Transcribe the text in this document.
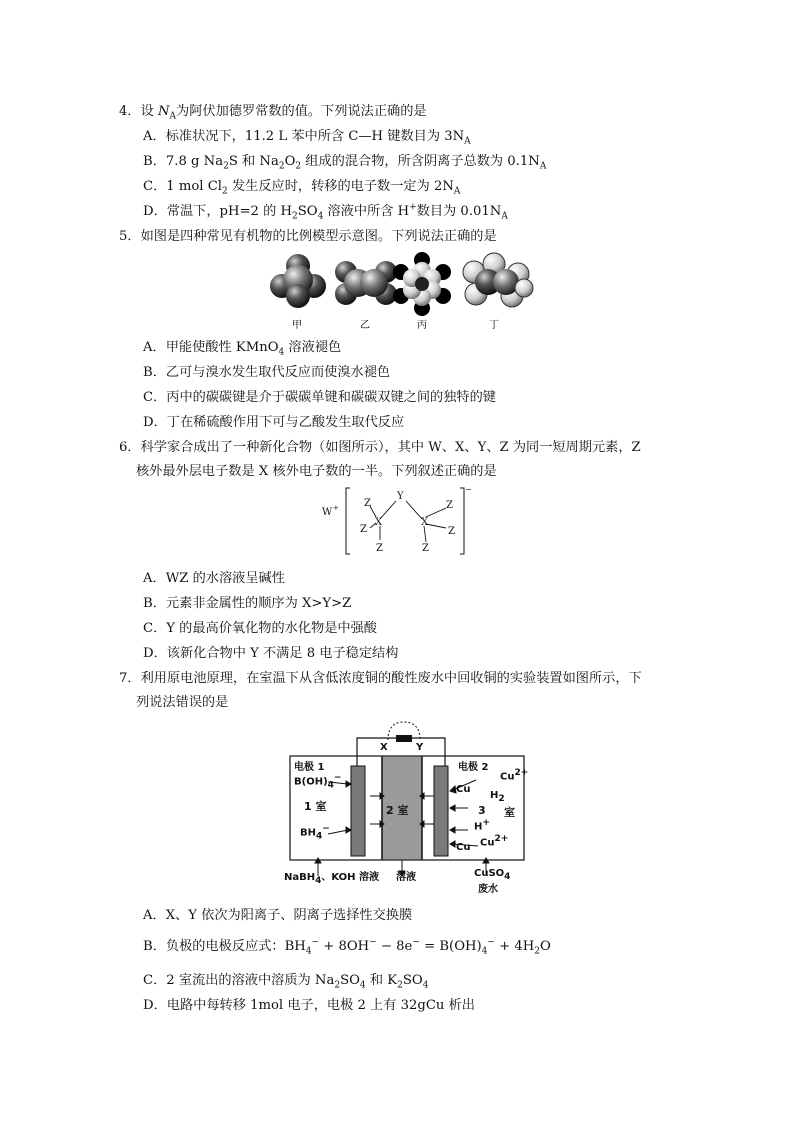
4．设 $N_A$为阿伏加德罗常数的值。下列说法正确的是
A．标准状况下，11.2 L 苯中所含 C—H 键数目为 $3N_A$
B．7.8 g $Na_2S$ 和 $Na_2O_2$ 组成的混合物，所含阴离子总数为 $0.1N_A$
C．1 mol $Cl_2$ 发生反应时，转移的电子数一定为 $2N_A$
D．常温下，pH=2 的 $H_2SO_4$ 溶液中所含 H+数目为 $0.01N_A$
5．如图是四种常见有机物的比例模型示意图。下列说法正确的是
甲	乙	丙	丁
A．甲能使酸性 KMnO$_4$ 溶液褪色
B．乙可与溴水发生取代反应而使溴水褪色
C．丙中的碳碳键是介于碳碳单键和碳碳双键之间的独特的键
D．丁在稀硫酸作用下可与乙酸发生取代反应
6．科学家合成出了一种新化合物（如图所示），其中 W、X、Y、Z 为同一短周期元素，Z
核外最外层电子数是 X 核外电子数的一半。下列叙述正确的是
W +
Y
X	X
Z
Z
Z
Z
Z
Z
−
A．WZ 的水溶液呈碱性
B．元素非金属性的顺序为 X>Y>Z
C．Y 的最高价氧化物的水化物是中强酸
D．该新化合物中 Y 不满足 8 电子稳定结构
7．利用原电池原理，在室温下从含低浓度铜的酸性废水中回收铜的实验装置如图所示，下
列说法错误的是
X	Y
电极 1
$B(OH)_4^-$
1 室
$BH_4^-$
2 室
电极 2
$Cu^{2+}$
Cu
$H_2$
3 室
H+
Cu $Cu^{2+}$
NaBH$_4$、KOH 溶液 溶液	CuSO$_4$
废水
A．X、Y 依次为阳离子、阴离子选择性交换膜
B．负极的电极反应式：$BH_4^- + 8OH^- - 8e^- = B(OH)_4^- + 4H_2O$
C．2 室流出的溶液中溶质为 $Na_2SO_4$ 和 $K_2SO_4$
D．电路中每转移 1mol 电子，电极 2 上有 32gCu 析出
